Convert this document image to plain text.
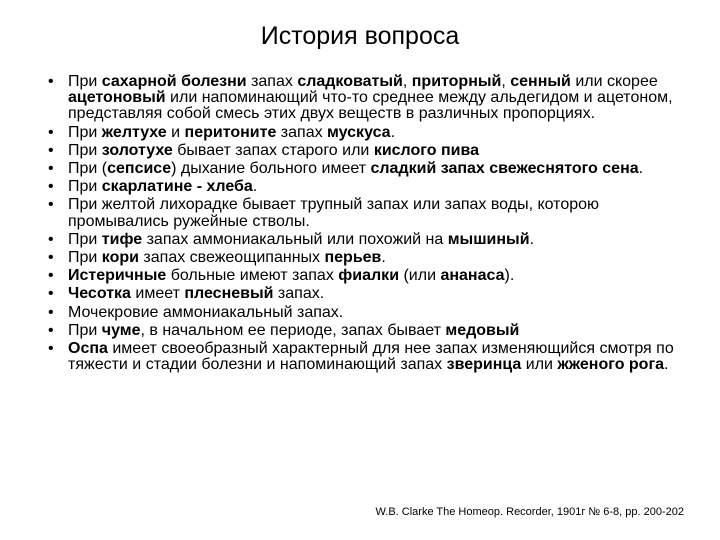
История вопроса
• При сахарной болезни запах сладковатый, приторный, сенный или скорее ацетоновый или напоминающий что-то среднее между альдегидом и ацетоном, представляя собой смесь этих двух веществ в различных пропорциях.
• При желтухе и перитоните запах мускуса.
• При золотухе бывает запах старого или кислого пива
• При (сепсисе) дыхание больного имеет сладкий запах свежеснятого сена.
• При скарлатине - хлеба.
• При желтой лихорадке бывает трупный запах или запах воды, которою промывались ружейные стволы.
• При тифе запах аммониакальный или похожий на мышиный.
• При кори запах свежеощипанных перьев.
• Истеричные больные имеют запах фиалки (или ананаса).
• Чесотка имеет плесневый запах.
• Мочекровие аммониакальный запах.
• При чуме, в начальном ее периоде, запах бывает медовый
• Оспа имеет своеобразный характерный для нее запах изменяющийся смотря по тяжести и стадии болезни и напоминающий запах зверинца или жженого рога.
W.B. Clarke The Homeop. Recorder, 1901г № 6-8, pp. 200-202
